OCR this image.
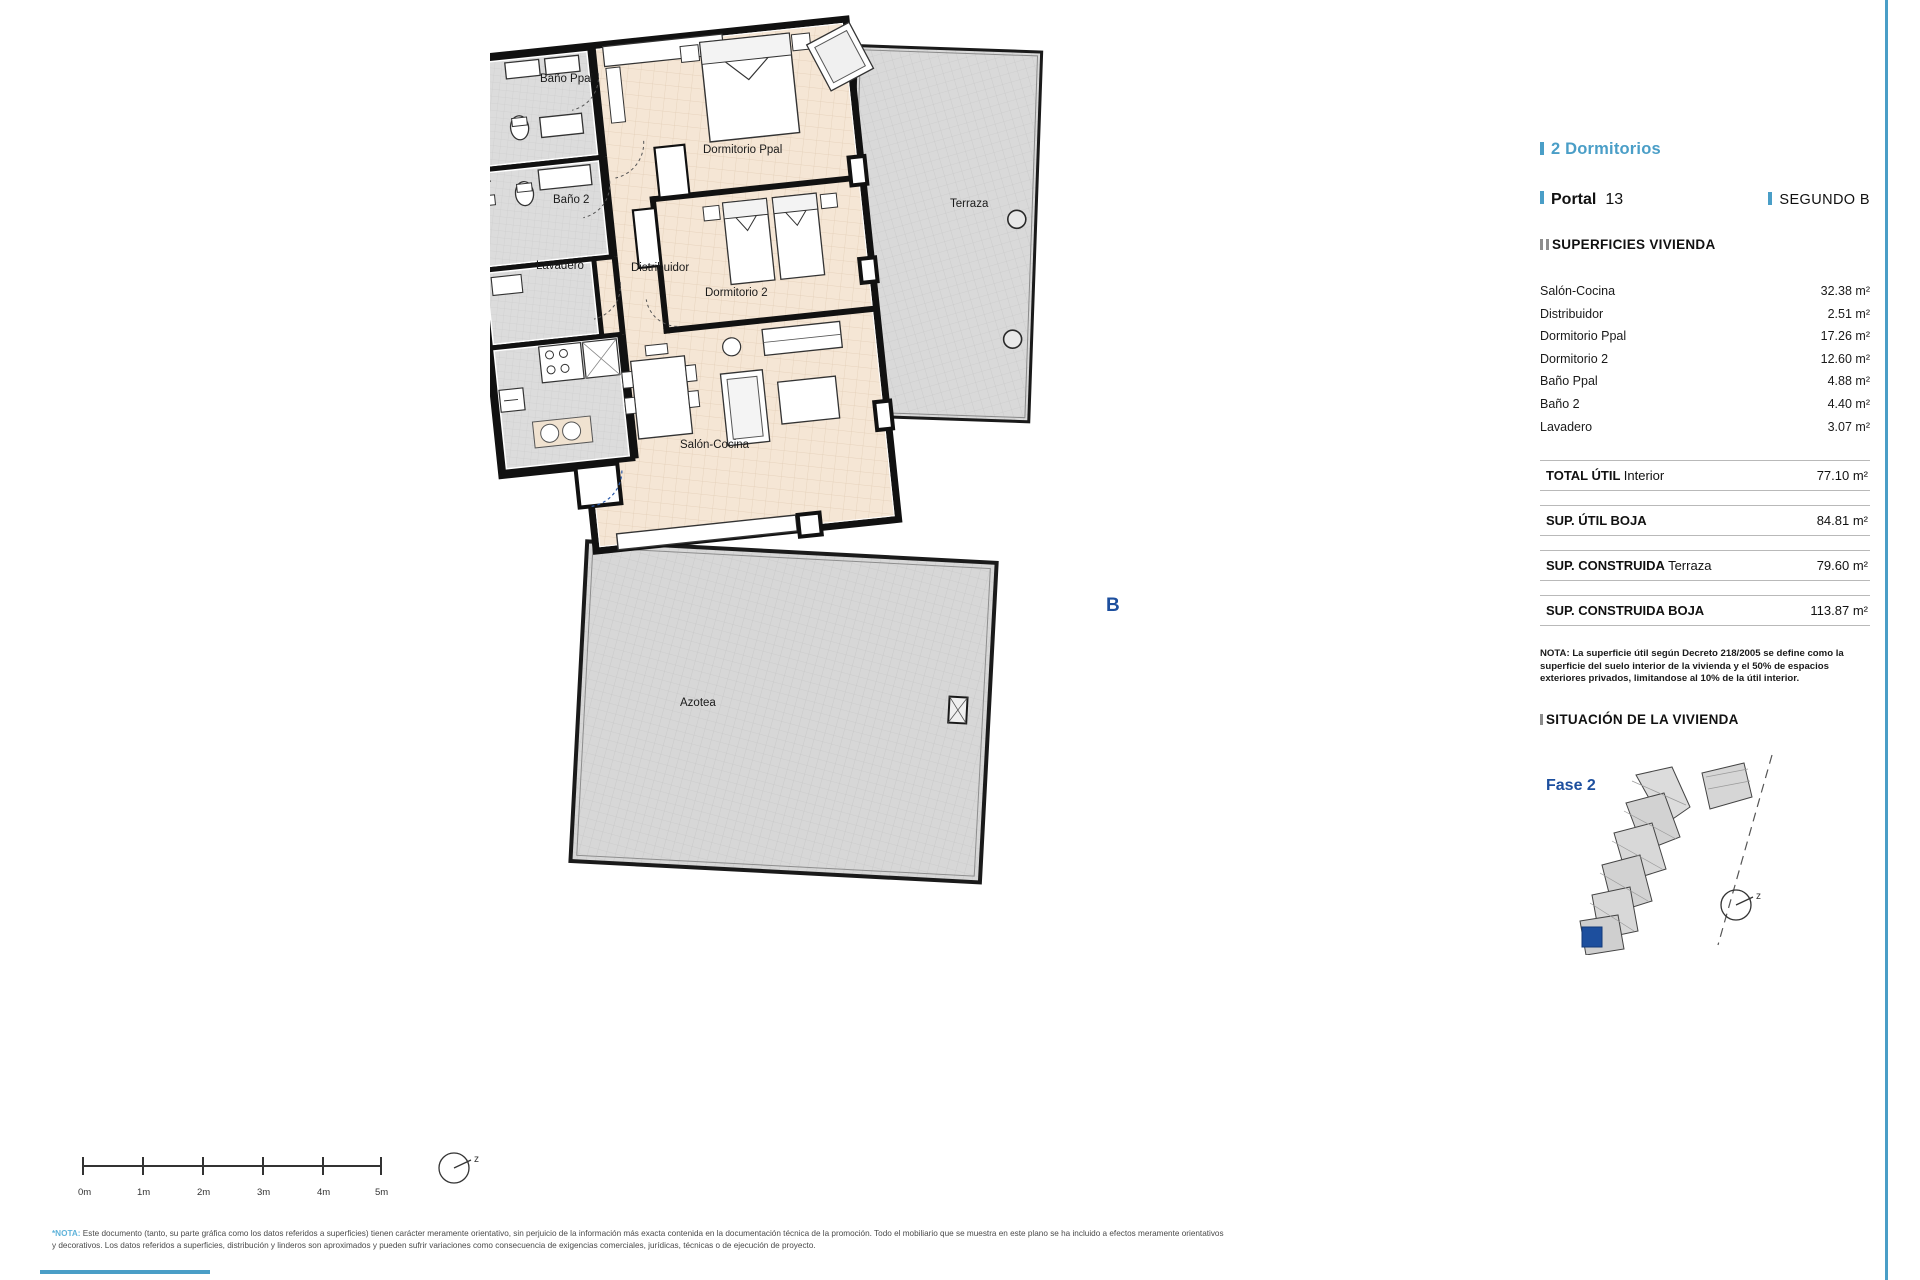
Baño Ppal
Baño 2
Lavadero	Distribuidor
Dormitorio Ppal
Dormitorio 2
Salón-Cocina
Terraza
Azotea
B
Global Spa
0m	1m	2m	3m	4m	5m
z
*NOTA: Este documento (tanto, su parte gráfica como los datos referidos a superficies) tienen carácter meramente orientativo, sin perjuicio de la información más exacta contenida en la documentación técnica de la promoción. Todo el mobiliario que se muestra en este plano se ha incluido a efectos meramente orientativos
y decorativos. Los datos referidos a superficies, distribución y linderos son aproximados y pueden sufrir variaciones como consecuencia de exigencias comerciales, jurídicas, técnicas o de ejecución de proyecto.
2 Dormitorios
Portal 13	SEGUNDO B
SUPERFICIES VIVIENDA
Salón-Cocina	32.38 m²
Distribuidor	2.51 m²
Dormitorio Ppal	17.26 m²
Dormitorio 2	12.60 m²
Baño Ppal	4.88 m²
Baño 2	4.40 m²
Lavadero	3.07 m²
TOTAL ÚTIL Interior	77.10 m²
SUP. ÚTIL BOJA	84.81 m²
SUP. CONSTRUIDA Terraza	79.60 m²
SUP. CONSTRUIDA BOJA	113.87 m²
NOTA: La superficie útil según Decreto 218/2005 se define como la superficie del suelo interior de la vivienda y el 50% de espacios exteriores privados, limitandose al 10% de la útil interior.
SITUACIÓN DE LA VIVIENDA
Fase 2
z
